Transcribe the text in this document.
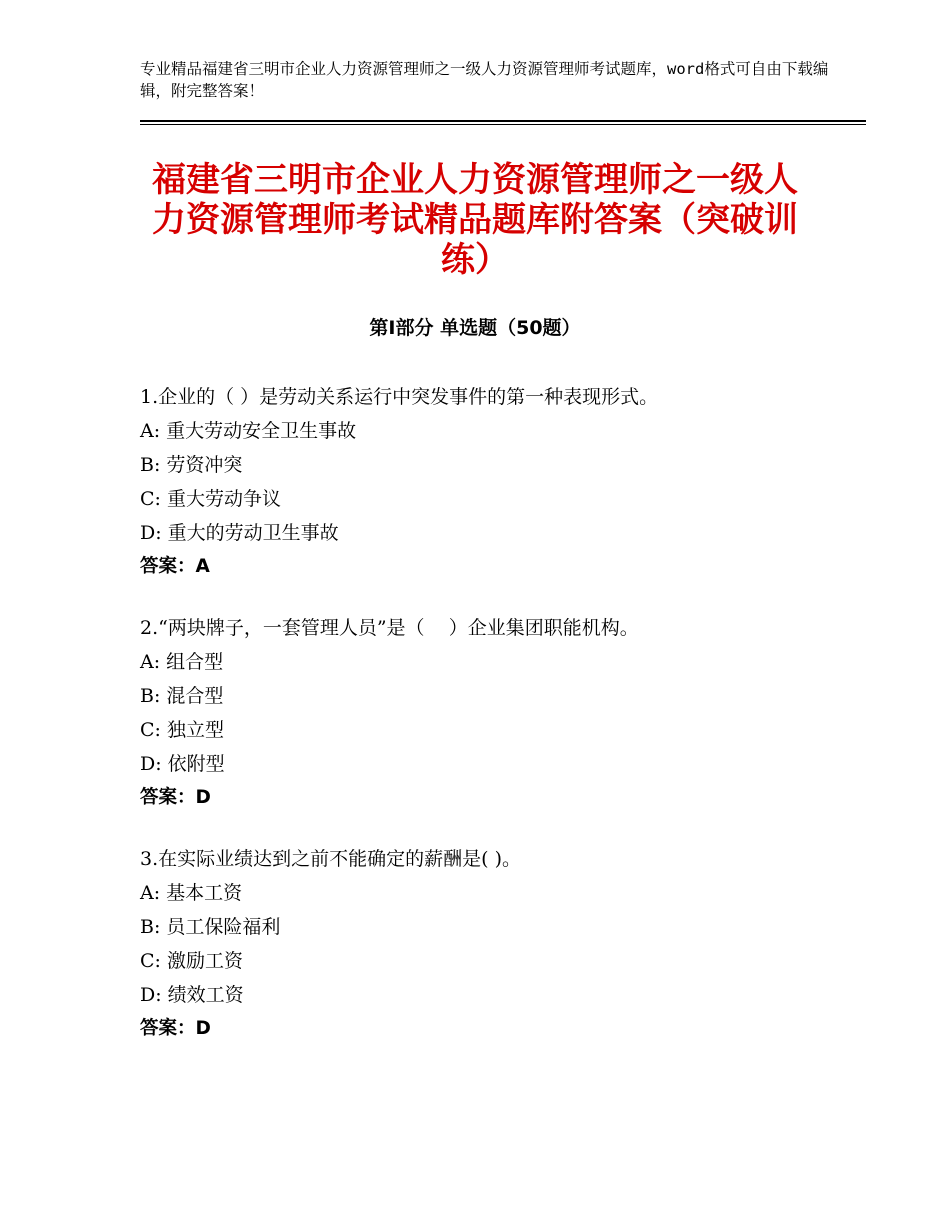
专业精品福建省三明市企业人力资源管理师之一级人力资源管理师考试题库，word格式可自由下载编辑，附完整答案！
福建省三明市企业人力资源管理师之一级人力资源管理师考试精品题库附答案（突破训练）
第Ⅰ部分 单选题（50题）
1.企业的（ ）是劳动关系运行中突发事件的第一种表现形式。
A: 重大劳动安全卫生事故
B: 劳资冲突
C: 重大劳动争议
D: 重大的劳动卫生事故
答案：A
2.“两块牌子，一套管理人员”是（    ）企业集团职能机构。
A: 组合型
B: 混合型
C: 独立型
D: 依附型
答案：D
3.在实际业绩达到之前不能确定的薪酬是( )。
A: 基本工资
B: 员工保险福利
C: 激励工资
D: 绩效工资
答案：D
